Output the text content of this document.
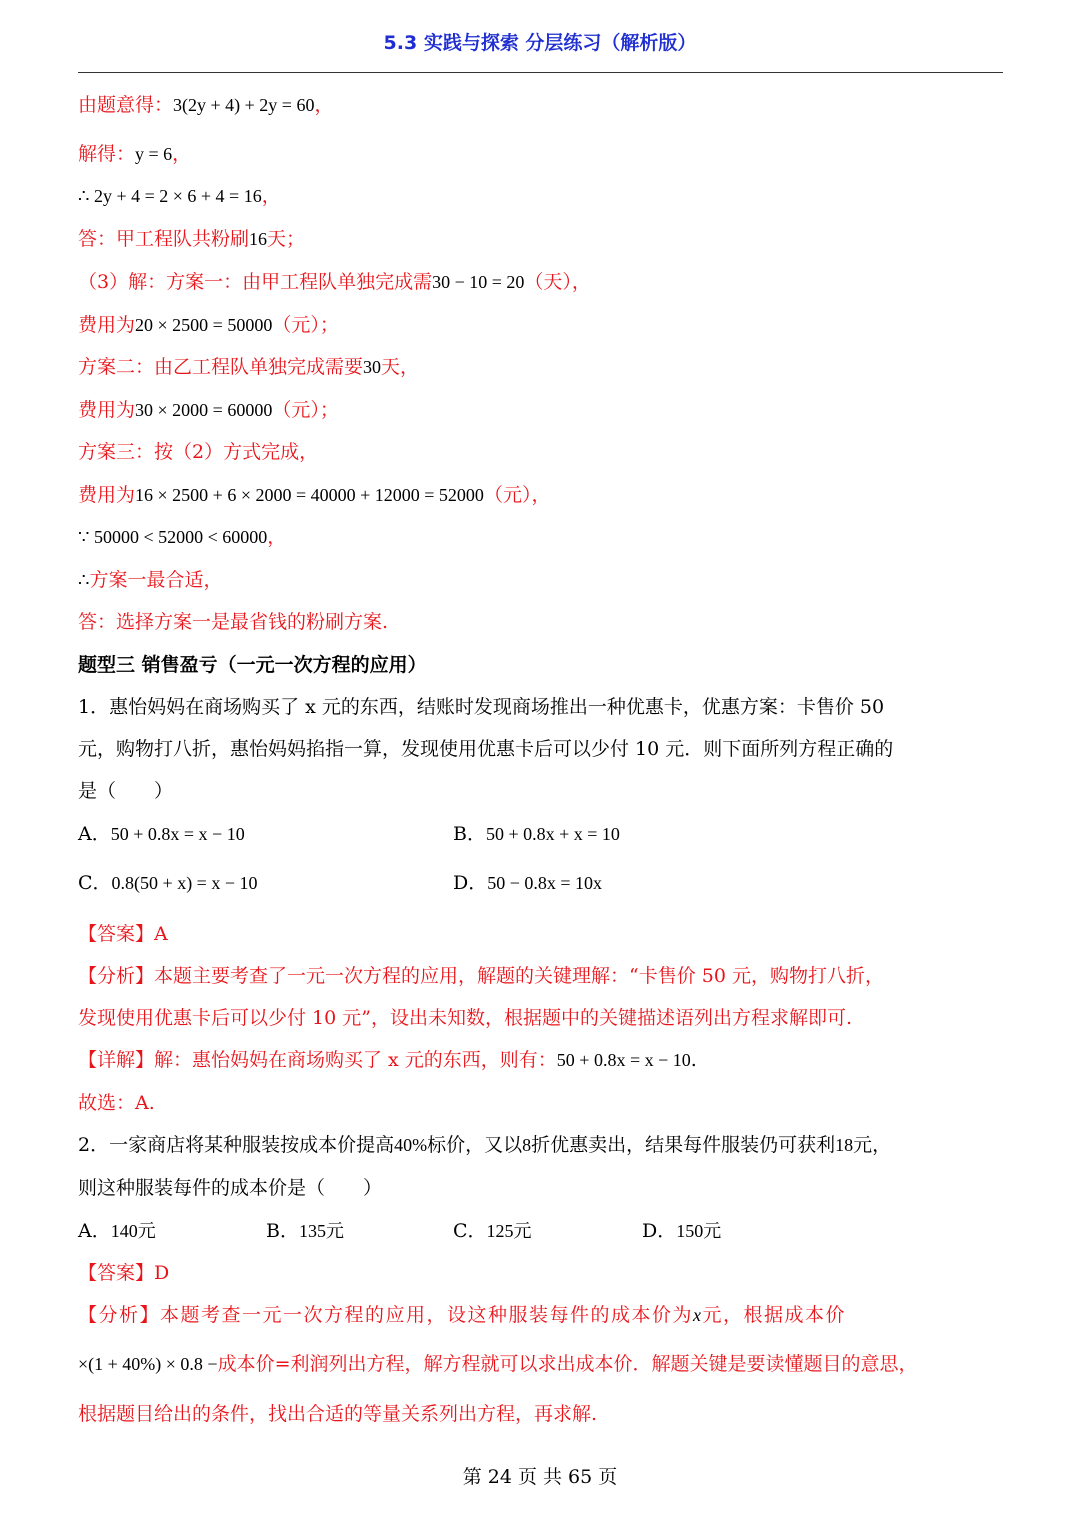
5.3 实践与探索 分层练习（解析版）
由题意得：3(2y + 4) + 2y = 60，
解得：y = 6，
∴ 2y + 4 = 2 × 6 + 4 = 16，
答：甲工程队共粉刷16天；
（3）解：方案一：由甲工程队单独完成需30 − 10 = 20（天），
费用为20 × 2500 = 50000（元）；
方案二：由乙工程队单独完成需要30天，
费用为30 × 2000 = 60000（元）；
方案三：按（2）方式完成，
费用为16 × 2500 + 6 × 2000 = 40000 + 12000 = 52000（元），
∵ 50000 < 52000 < 60000，
∴方案一最合适，
答：选择方案一是最省钱的粉刷方案.
题型三 销售盈亏（一元一次方程的应用）
1．惠怡妈妈在商场购买了 x 元的东西，结账时发现商场推出一种优惠卡，优惠方案：卡售价 50
元，购物打八折，惠怡妈妈掐指一算，发现使用优惠卡后可以少付 10 元．则下面所列方程正确的
是（　　）
A．50 + 0.8x = x − 10	B．50 + 0.8x + x = 10
C．0.8(50 + x) = x − 10	D．50 − 0.8x = 10x
【答案】A
【分析】本题主要考查了一元一次方程的应用，解题的关键理解：“卡售价 50 元，购物打八折，
发现使用优惠卡后可以少付 10 元”，设出未知数，根据题中的关键描述语列出方程求解即可.
【详解】解：惠怡妈妈在商场购买了 x 元的东西，则有：50 + 0.8x = x − 10.
故选：A.
2．一家商店将某种服装按成本价提高40%标价，又以8折优惠卖出，结果每件服装仍可获利18元，
则这种服装每件的成本价是（　　）
A．140元	B．135元	C．125元	D．150元
【答案】D
【分析】本题考查一元一次方程的应用，设这种服装每件的成本价为x元，根据成本价
×(1 + 40%) × 0.8 −成本价=利润列出方程，解方程就可以求出成本价．解题关键是要读懂题目的意思，
根据题目给出的条件，找出合适的等量关系列出方程，再求解.
第 24 页 共 65 页
